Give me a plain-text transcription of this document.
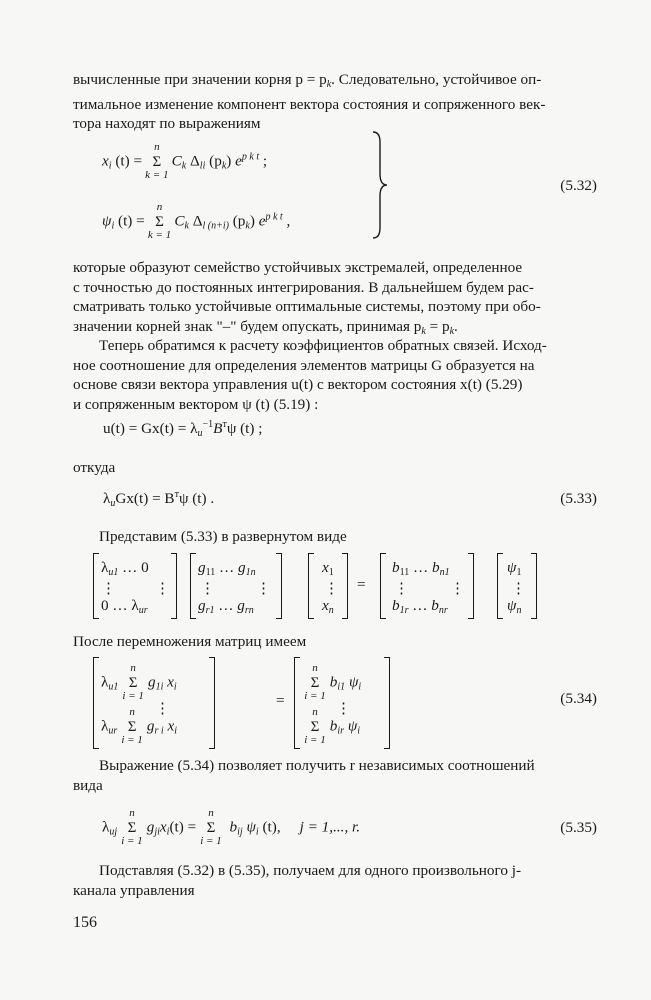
вычисленные при значении корня $p = p_k$. Следовательно, устойчивое оп-
тимальное изменение компонент вектора состояния и сопряженного век-
тора находят по выражениям
$x_i$ (t) =
n
Σ
k = 1
$C_k$ $\Delta_{li}$ $(p_k)$ $e^{p k t}$ ;
$\psi_i$ (t) =
n
Σ
k = 1
$C_k$ $\Delta_{l (n+i)}$ $(p_k)$ $e^{p k t}$ ,
(5.32)
которые образуют семейство устойчивых экстремалей, определенное
с точностью до постоянных интегрирования. В дальнейшем будем рас-
сматривать только устойчивые оптимальные системы, поэтому при обо-
значении корней знак "–" будем опускать, принимая $p_k = p_k$.
Теперь обратимся к расчету коэффициентов обратных связей. Исход-
ное соотношение для определения элементов матрицы G образуется на
основе связи вектора управления u(t) с вектором состояния x(t) (5.29)
и сопряженным вектором ψ (t) (5.19) :
$u(t) = Gx(t) = \lambda_u^{-1}B^т\psi$ (t) ;
откуда
$\lambda_uGx(t) = B^т\psi$ (t) .	(5.33)
Представим (5.33) в развернутом виде
$\lambda_{u1}$ … 0
⋮	⋮
0 … $\lambda_{ur}$
$g_{11}$ … $g_{1n}$
⋮	⋮
$g_{r1}$ … $g_{rn}$
$x_1$
⋮
$x_n$
=
$b_{11}$ … $b_{n1}$
⋮	⋮
$b_{1r}$ … $b_{nr}$
$\psi_1$
⋮
$\psi_n$
После перемножения матриц имеем
$\lambda_{u1}$
n
Σ
i = 1
$g_{1i}$ $x_i$
⋮
$\lambda_{ur}$
n
Σ
i = 1
$g_{r i}$ $x_i$
=
n
Σ
i = 1
$b_{i1}$ $\psi_i$
⋮
n
Σ
i = 1
$b_{ir}$ $\psi_i$
(5.34)
Выражение (5.34) позволяет получить r независимых соотношений
вида
$\lambda_{uj}$
n
Σ
i = 1
$g_{ji}x_i(t)$ =
n
Σ
i = 1
$b_{ij}$ $\psi_i$ (t), j = 1,..., r.	(5.35)
Подставляя (5.32) в (5.35), получаем для одного произвольного j-
канала управления
156
